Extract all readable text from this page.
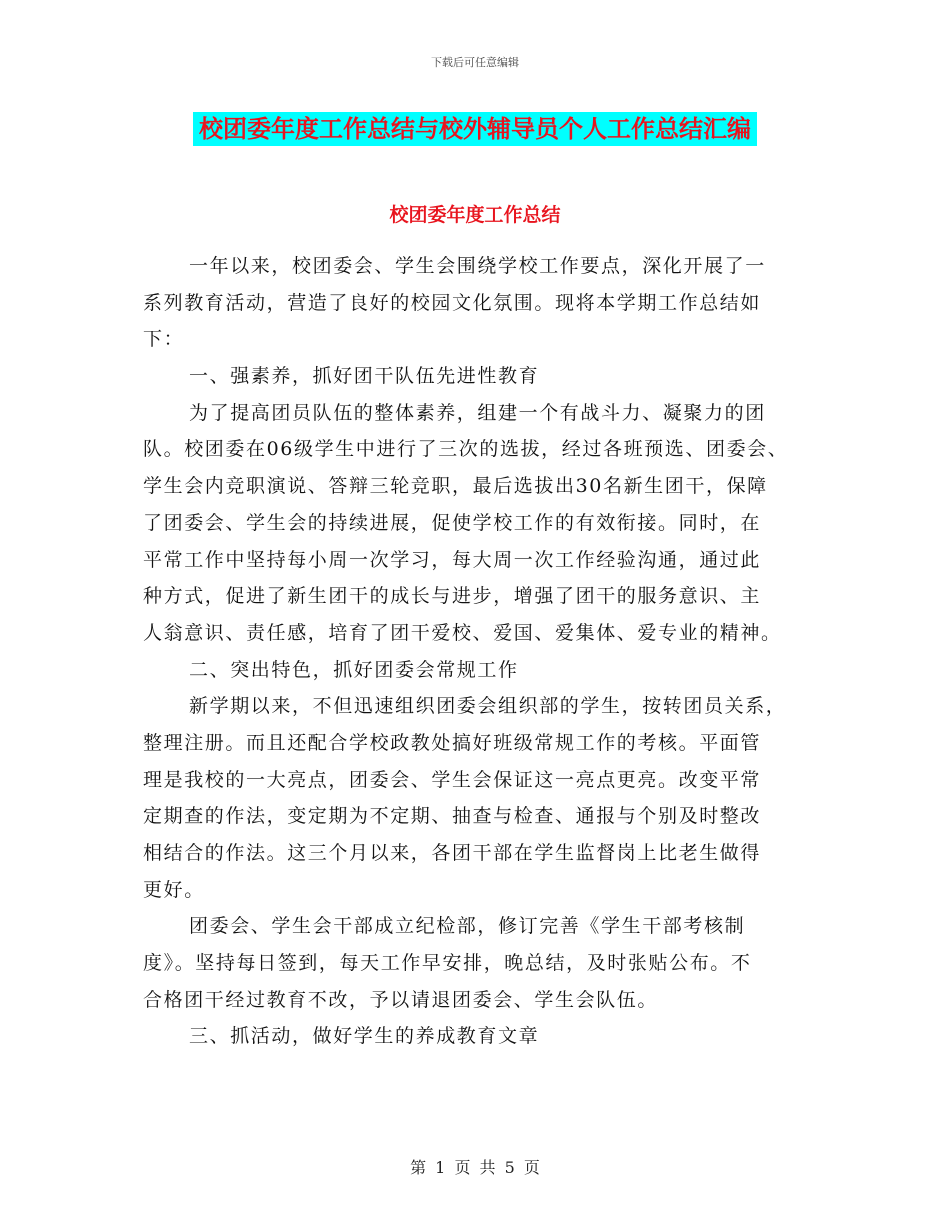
下载后可任意编辑
校团委年度工作总结与校外辅导员个人工作总结汇编
校团委年度工作总结
一年以来，校团委会、学生会围绕学校工作要点，深化开展了一
系列教育活动，营造了良好的校园文化氛围。现将本学期工作总结如
下：
一、强素养，抓好团干队伍先进性教育
为了提高团员队伍的整体素养，组建一个有战斗力、凝聚力的团
队。校团委在06级学生中进行了三次的选拔，经过各班预选、团委会、
学生会内竞职演说、答辩三轮竞职，最后选拔出30名新生团干，保障
了团委会、学生会的持续进展，促使学校工作的有效衔接。同时，在
平常工作中坚持每小周一次学习，每大周一次工作经验沟通，通过此
种方式，促进了新生团干的成长与进步，增强了团干的服务意识、主
人翁意识、责任感，培育了团干爱校、爱国、爱集体、爱专业的精神。
二、突出特色，抓好团委会常规工作
新学期以来，不但迅速组织团委会组织部的学生，按转团员关系，
整理注册。而且还配合学校政教处搞好班级常规工作的考核。平面管
理是我校的一大亮点，团委会、学生会保证这一亮点更亮。改变平常
定期查的作法，变定期为不定期、抽查与检查、通报与个别及时整改
相结合的作法。这三个月以来，各团干部在学生监督岗上比老生做得
更好。
团委会、学生会干部成立纪检部，修订完善《学生干部考核制
度》。坚持每日签到，每天工作早安排，晚总结，及时张贴公布。不
合格团干经过教育不改，予以请退团委会、学生会队伍。
三、抓活动，做好学生的养成教育文章
第 1 页 共 5 页
